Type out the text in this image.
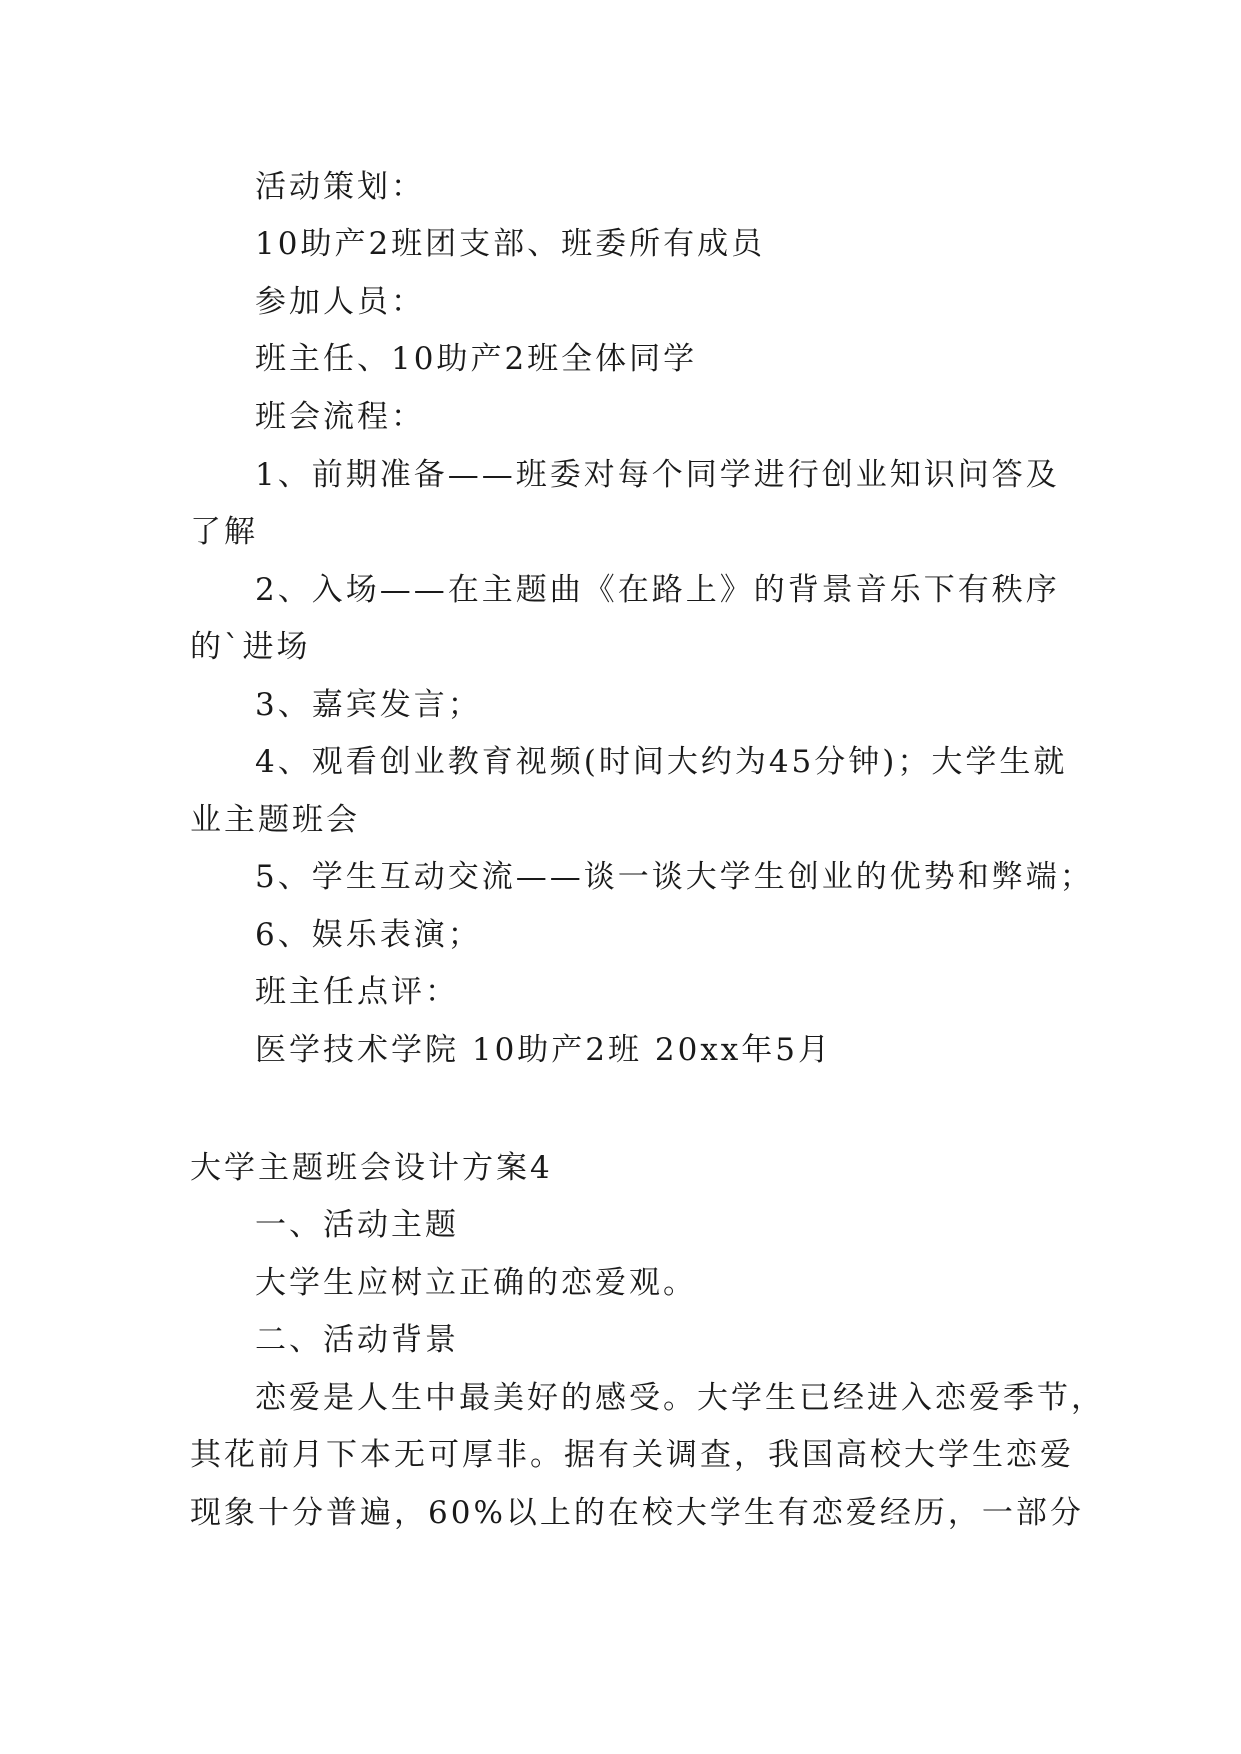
活动策划：
10助产2班团支部、班委所有成员
参加人员：
班主任、10助产2班全体同学
班会流程：
1、前期准备——班委对每个同学进行创业知识问答及
了解
2、入场——在主题曲《在路上》的背景音乐下有秩序
的`进场
3、嘉宾发言；
4、观看创业教育视频(时间大约为45分钟)；大学生就
业主题班会
5、学生互动交流——谈一谈大学生创业的优势和弊端；
6、娱乐表演；
班主任点评：
医学技术学院 10助产2班 20xx年5月
大学主题班会设计方案4
一、活动主题
大学生应树立正确的恋爱观。
二、活动背景
恋爱是人生中最美好的感受。大学生已经进入恋爱季节，
其花前月下本无可厚非。据有关调查，我国高校大学生恋爱
现象十分普遍，60%以上的在校大学生有恋爱经历，一部分
